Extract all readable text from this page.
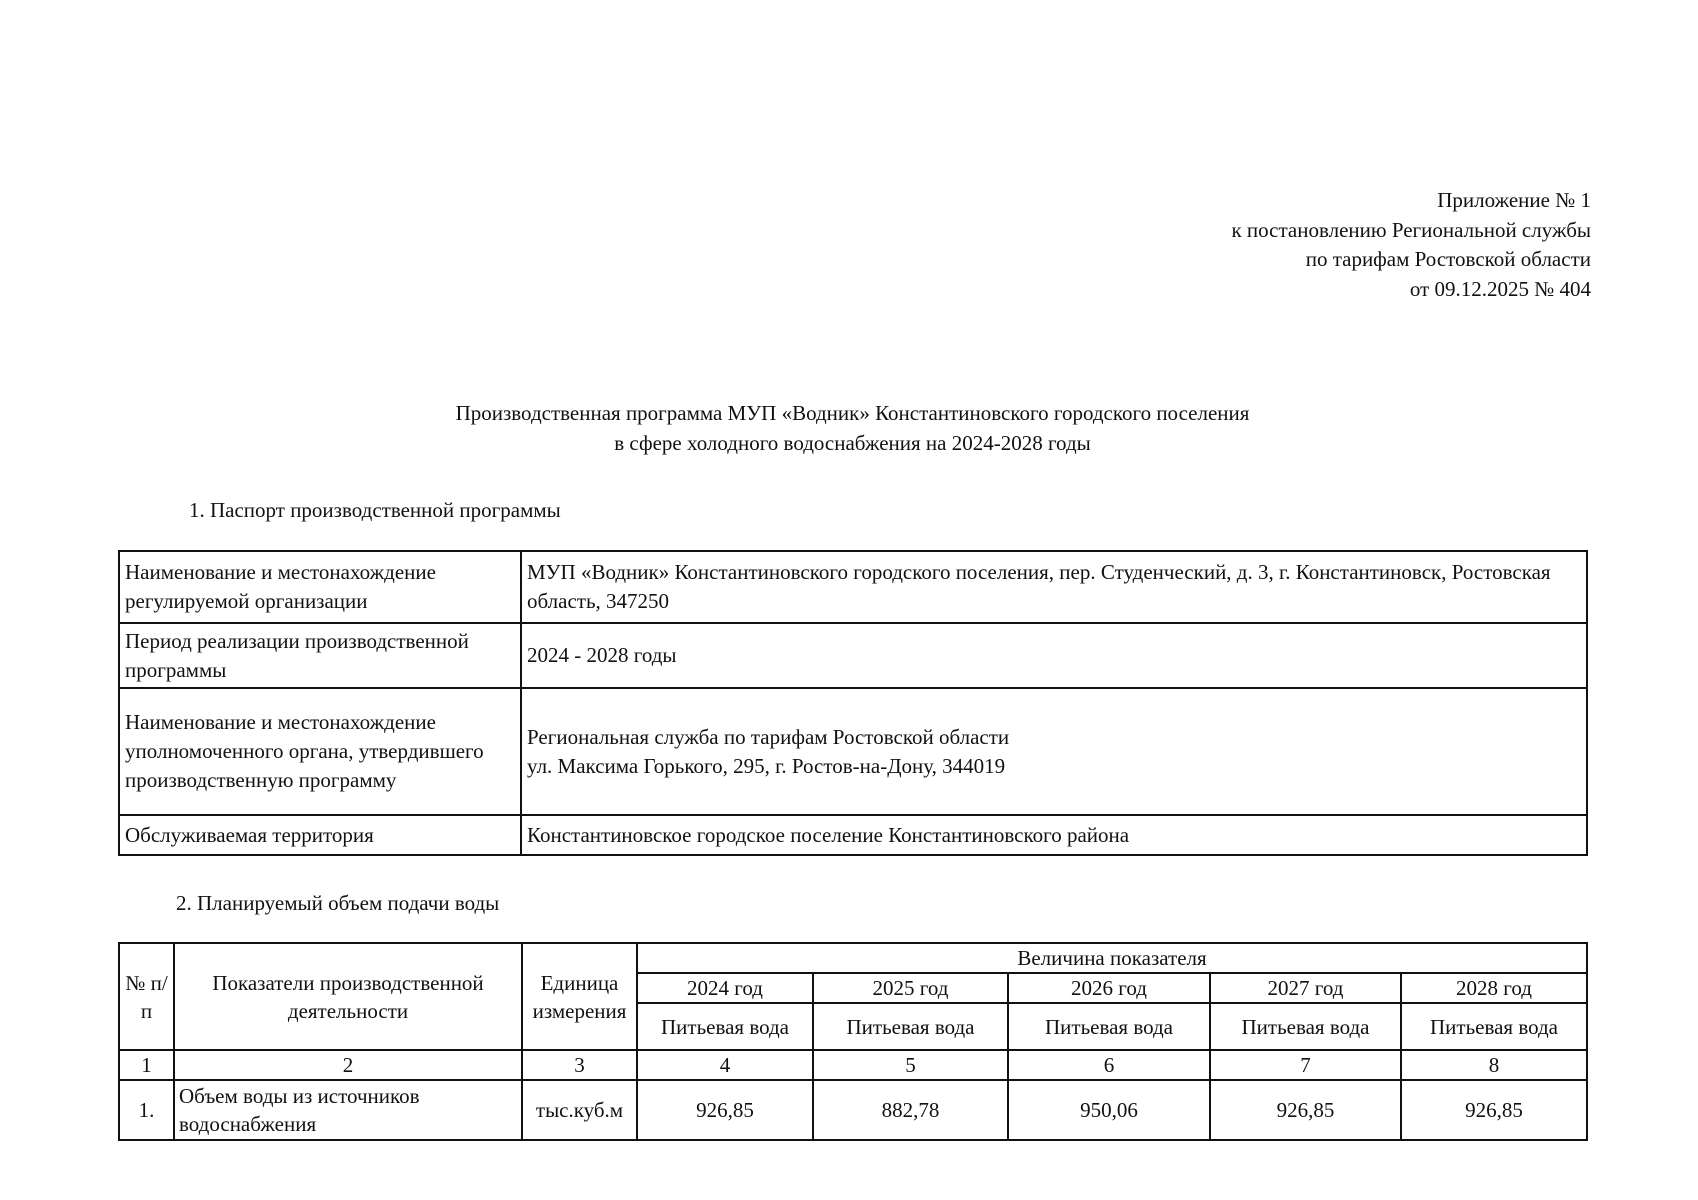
Приложение № 1
к постановлению Региональной службы
по тарифам Ростовской области
от 09.12.2025 № 404
Производственная программа МУП «Водник» Константиновского городского поселения
в сфере холодного водоснабжения на 2024-2028 годы
1. Паспорт производственной программы
Наименование и местонахождение регулируемой организации	МУП «Водник» Константиновского городского поселения, пер. Студенческий, д. 3, г. Константиновск, Ростовская область, 347250
Период реализации производственной программы	2024 - 2028 годы
Наименование и местонахождение уполномоченного органа, утвердившего производственную программу	Региональная служба по тарифам Ростовской области
ул. Максима Горького, 295, г. Ростов-на-Дону, 344019

Обслуживаемая территория	Константиновское городское поселение Константиновского района
2. Планируемый объем подачи воды
№ п/п	Показатели производственной деятельности	Единица измерения	Величина показателя				
			2024 год	2025 год	2026 год	2027 год	2028 год
			Питьевая вода	Питьевая вода	Питьевая вода	Питьевая вода	Питьевая вода
1	2	3	4	5	6	7	8
1.	Объем воды из источников водоснабжения	тыс.куб.м	926,85	882,78	950,06	926,85	926,85
